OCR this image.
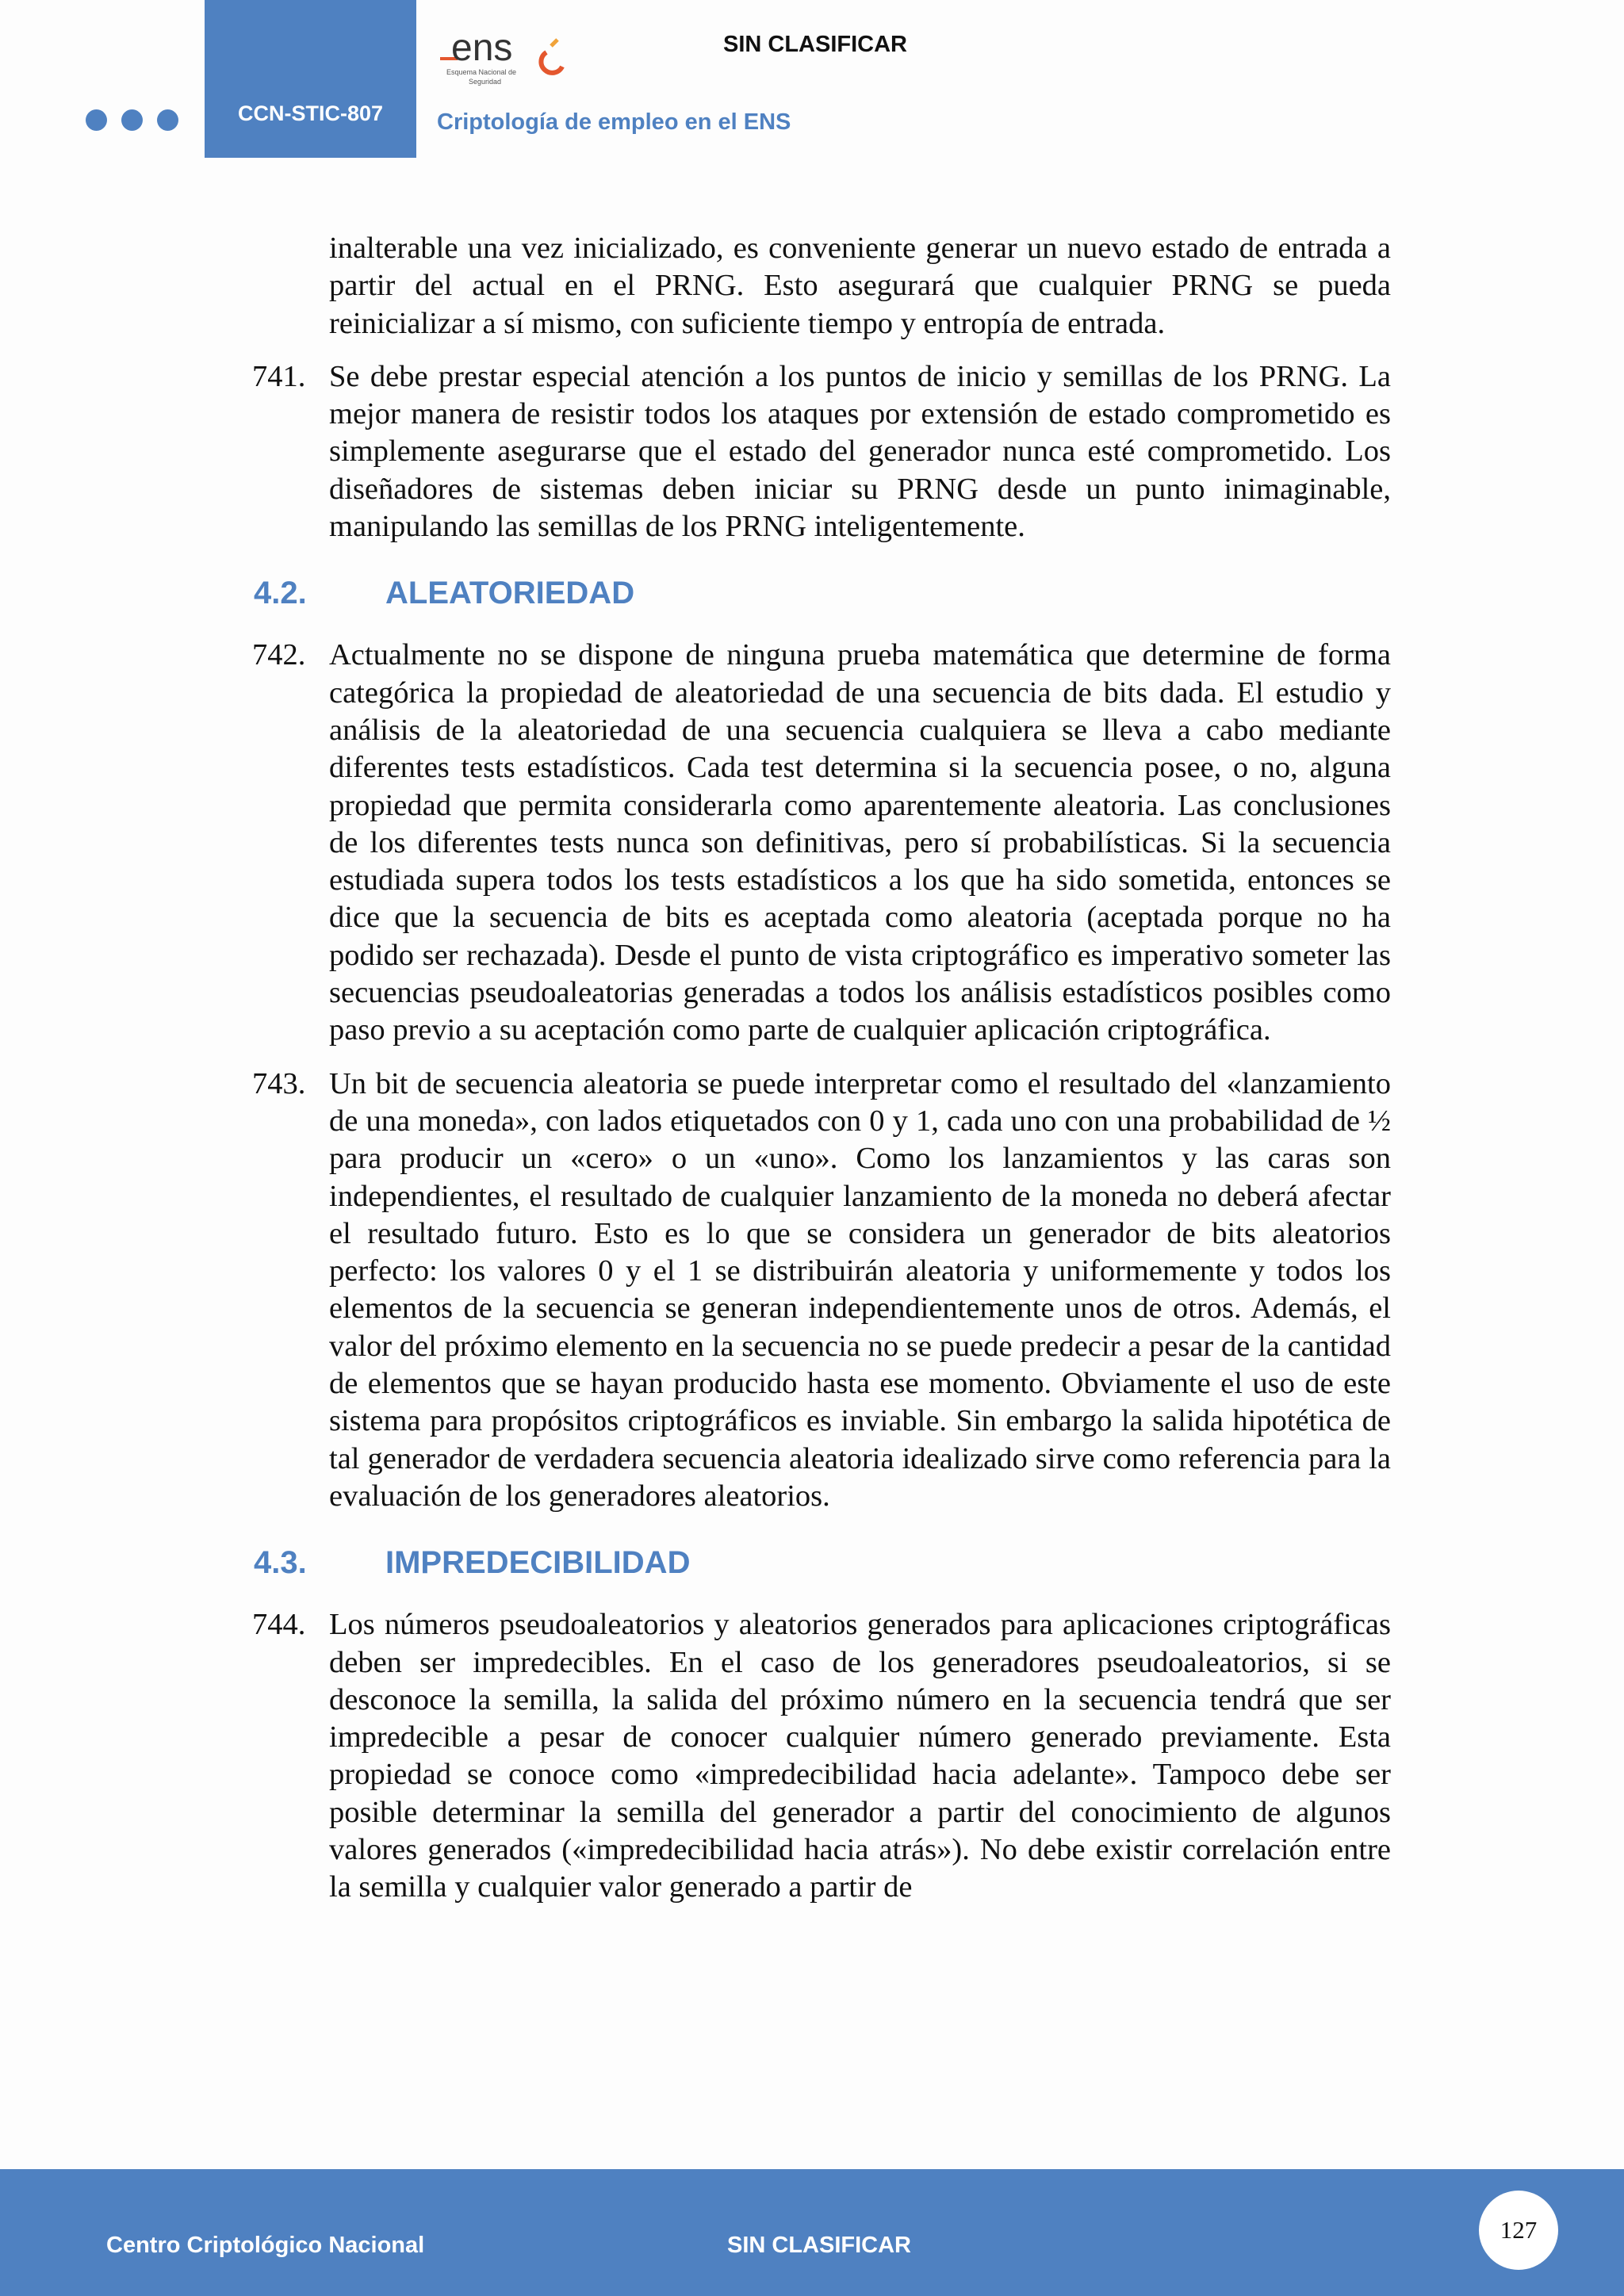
CCN-STIC-807
ens
Esquema Nacional de
Seguridad
SIN CLASIFICAR
Criptología de empleo en el ENS

inalterable una vez inicializado, es conveniente generar un nuevo estado de entrada a partir del actual en el PRNG. Esto asegurará que cualquier PRNG se pueda reinicializar a sí mismo, con suficiente tiempo y entropía de entrada.

741. Se debe prestar especial atención a los puntos de inicio y semillas de los PRNG. La mejor manera de resistir todos los ataques por extensión de estado comprometido es simplemente asegurarse que el estado del generador nunca esté comprometido. Los diseñadores de sistemas deben iniciar su PRNG desde un punto inimaginable, manipulando las semillas de los PRNG inteligentemente.

4.2.	ALEATORIEDAD

742. Actualmente no se dispone de ninguna prueba matemática que determine de forma categórica la propiedad de aleatoriedad de una secuencia de bits dada. El estudio y análisis de la aleatoriedad de una secuencia cualquiera se lleva a cabo mediante diferentes tests estadísticos. Cada test determina si la secuencia posee, o no, alguna propiedad que permita considerarla como aparentemente aleatoria. Las conclusiones de los diferentes tests nunca son definitivas, pero sí probabilísticas. Si la secuencia estudiada supera todos los tests estadísticos a los que ha sido sometida, entonces se dice que la secuencia de bits es aceptada como aleatoria (aceptada porque no ha podido ser rechazada). Desde el punto de vista criptográfico es imperativo someter las secuencias pseudoaleatorias generadas a todos los análisis estadísticos posibles como paso previo a su aceptación como parte de cualquier aplicación criptográfica.

743. Un bit de secuencia aleatoria se puede interpretar como el resultado del «lanzamiento de una moneda», con lados etiquetados con 0 y 1, cada uno con una probabilidad de ½ para producir un «cero» o un «uno». Como los lanzamientos y las caras son independientes, el resultado de cualquier lanzamiento de la moneda no deberá afectar el resultado futuro. Esto es lo que se considera un generador de bits aleatorios perfecto: los valores 0 y el 1 se distribuirán aleatoria y uniformemente y todos los elementos de la secuencia se generan independientemente unos de otros. Además, el valor del próximo elemento en la secuencia no se puede predecir a pesar de la cantidad de elementos que se hayan producido hasta ese momento. Obviamente el uso de este sistema para propósitos criptográficos es inviable. Sin embargo la salida hipotética de tal generador de verdadera secuencia aleatoria idealizado sirve como referencia para la evaluación de los generadores aleatorios.

4.3.	IMPREDECIBILIDAD

744. Los números pseudoaleatorios y aleatorios generados para aplicaciones criptográficas deben ser impredecibles. En el caso de los generadores pseudoaleatorios, si se desconoce la semilla, la salida del próximo número en la secuencia tendrá que ser impredecible a pesar de conocer cualquier número generado previamente. Esta propiedad se conoce como «impredecibilidad hacia adelante». Tampoco debe ser posible determinar la semilla del generador a partir del conocimiento de algunos valores generados («impredecibilidad hacia atrás»). No debe existir correlación entre la semilla y cualquier valor generado a partir de

Centro Criptológico Nacional	SIN CLASIFICAR
127
